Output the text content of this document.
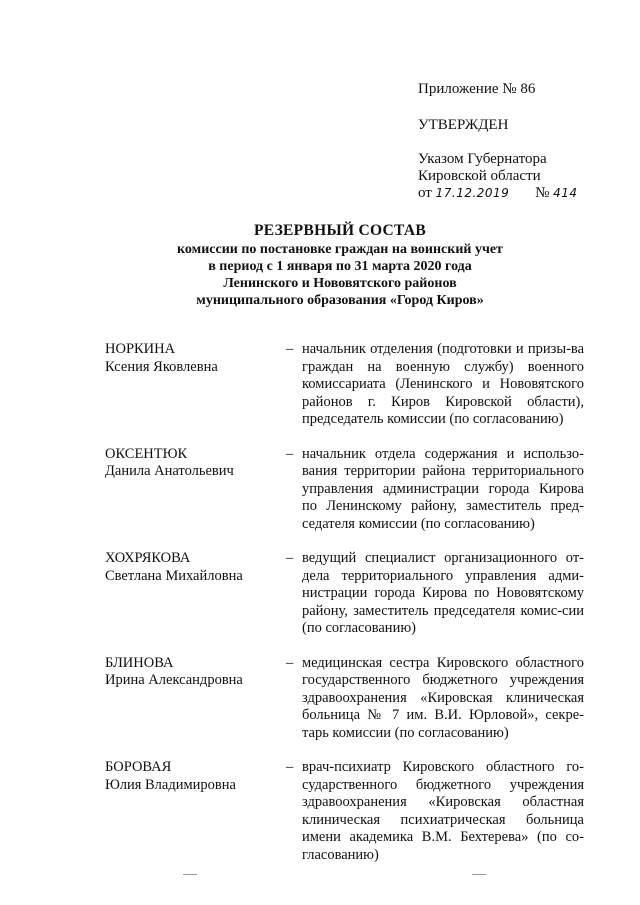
Приложение № 86
УТВЕРЖДЕН
Указом Губернатора
Кировской области
от 17.12.2019 № 414
РЕЗЕРВНЫЙ СОСТАВ
комиссии по постановке граждан на воинский учет
в период с 1 января по 31 марта 2020 года
Ленинского и Нововятского районов
муниципального образования «Город Киров»
НОРКИНА
Ксения Яковлевна
– начальник отделения (подготовки и призы-ва граждан на военную службу) военного комиссариата (Ленинского и Нововятского районов г. Киров Кировской области), председатель комиссии (по согласованию)
ОКСЕНТЮК
Данила Анатольевич
– начальник отдела содержания и использо-вания территории района территориального управления администрации города Кирова по Ленинскому району, заместитель пред-седателя комиссии (по согласованию)
ХОХРЯКОВА
Светлана Михайловна
– ведущий специалист организационного от-дела территориального управления адми-нистрации города Кирова по Нововятскому району, заместитель председателя комис-сии (по согласованию)
БЛИНОВА
Ирина Александровна
– медицинская сестра Кировского областного государственного бюджетного учреждения здравоохранения «Кировская клиническая больница № 7 им. В.И. Юрловой», секре-тарь комиссии (по согласованию)
БОРОВАЯ
Юлия Владимировна
– врач-психиатр Кировского областного го-сударственного бюджетного учреждения здравоохранения «Кировская областная клиническая психиатрическая больница имени академика В.М. Бехтерева» (по со-гласованию)
